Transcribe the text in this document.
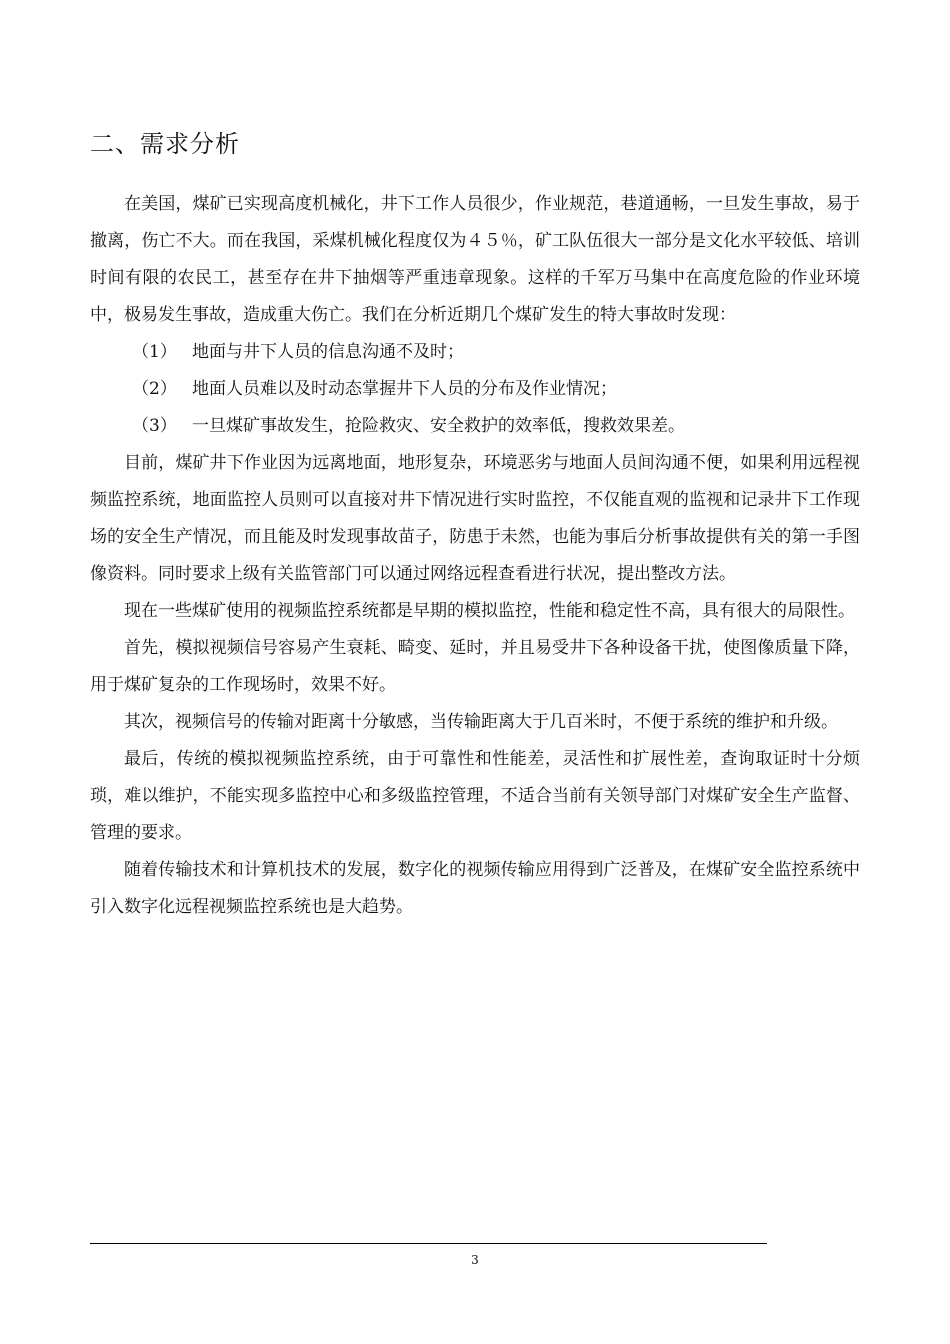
二、需求分析

在美国，煤矿已实现高度机械化，井下工作人员很少，作业规范，巷道通畅，一旦发生事故，易于撤离，伤亡不大。而在我国，采煤机械化程度仅为４５％，矿工队伍很大一部分是文化水平较低、培训时间有限的农民工，甚至存在井下抽烟等严重违章现象。这样的千军万马集中在高度危险的作业环境中，极易发生事故，造成重大伤亡。我们在分析近期几个煤矿发生的特大事故时发现：

（1） 地面与井下人员的信息沟通不及时；

（2） 地面人员难以及时动态掌握井下人员的分布及作业情况；

（3） 一旦煤矿事故发生，抢险救灾、安全救护的效率低，搜救效果差。

目前，煤矿井下作业因为远离地面，地形复杂，环境恶劣与地面人员间沟通不便，如果利用远程视频监控系统，地面监控人员则可以直接对井下情况进行实时监控，不仅能直观的监视和记录井下工作现场的安全生产情况，而且能及时发现事故苗子，防患于未然，也能为事后分析事故提供有关的第一手图像资料。同时要求上级有关监管部门可以通过网络远程查看进行状况，提出整改方法。

现在一些煤矿使用的视频监控系统都是早期的模拟监控，性能和稳定性不高，具有很大的局限性。

首先，模拟视频信号容易产生衰耗、畸变、延时，并且易受井下各种设备干扰，使图像质量下降，用于煤矿复杂的工作现场时，效果不好。

其次，视频信号的传输对距离十分敏感，当传输距离大于几百米时，不便于系统的维护和升级。

最后，传统的模拟视频监控系统，由于可靠性和性能差，灵活性和扩展性差，查询取证时十分烦琐，难以维护，不能实现多监控中心和多级监控管理，不适合当前有关领导部门对煤矿安全生产监督、管理的要求。

随着传输技术和计算机技术的发展，数字化的视频传输应用得到广泛普及，在煤矿安全监控系统中引入数字化远程视频监控系统也是大趋势。

3
